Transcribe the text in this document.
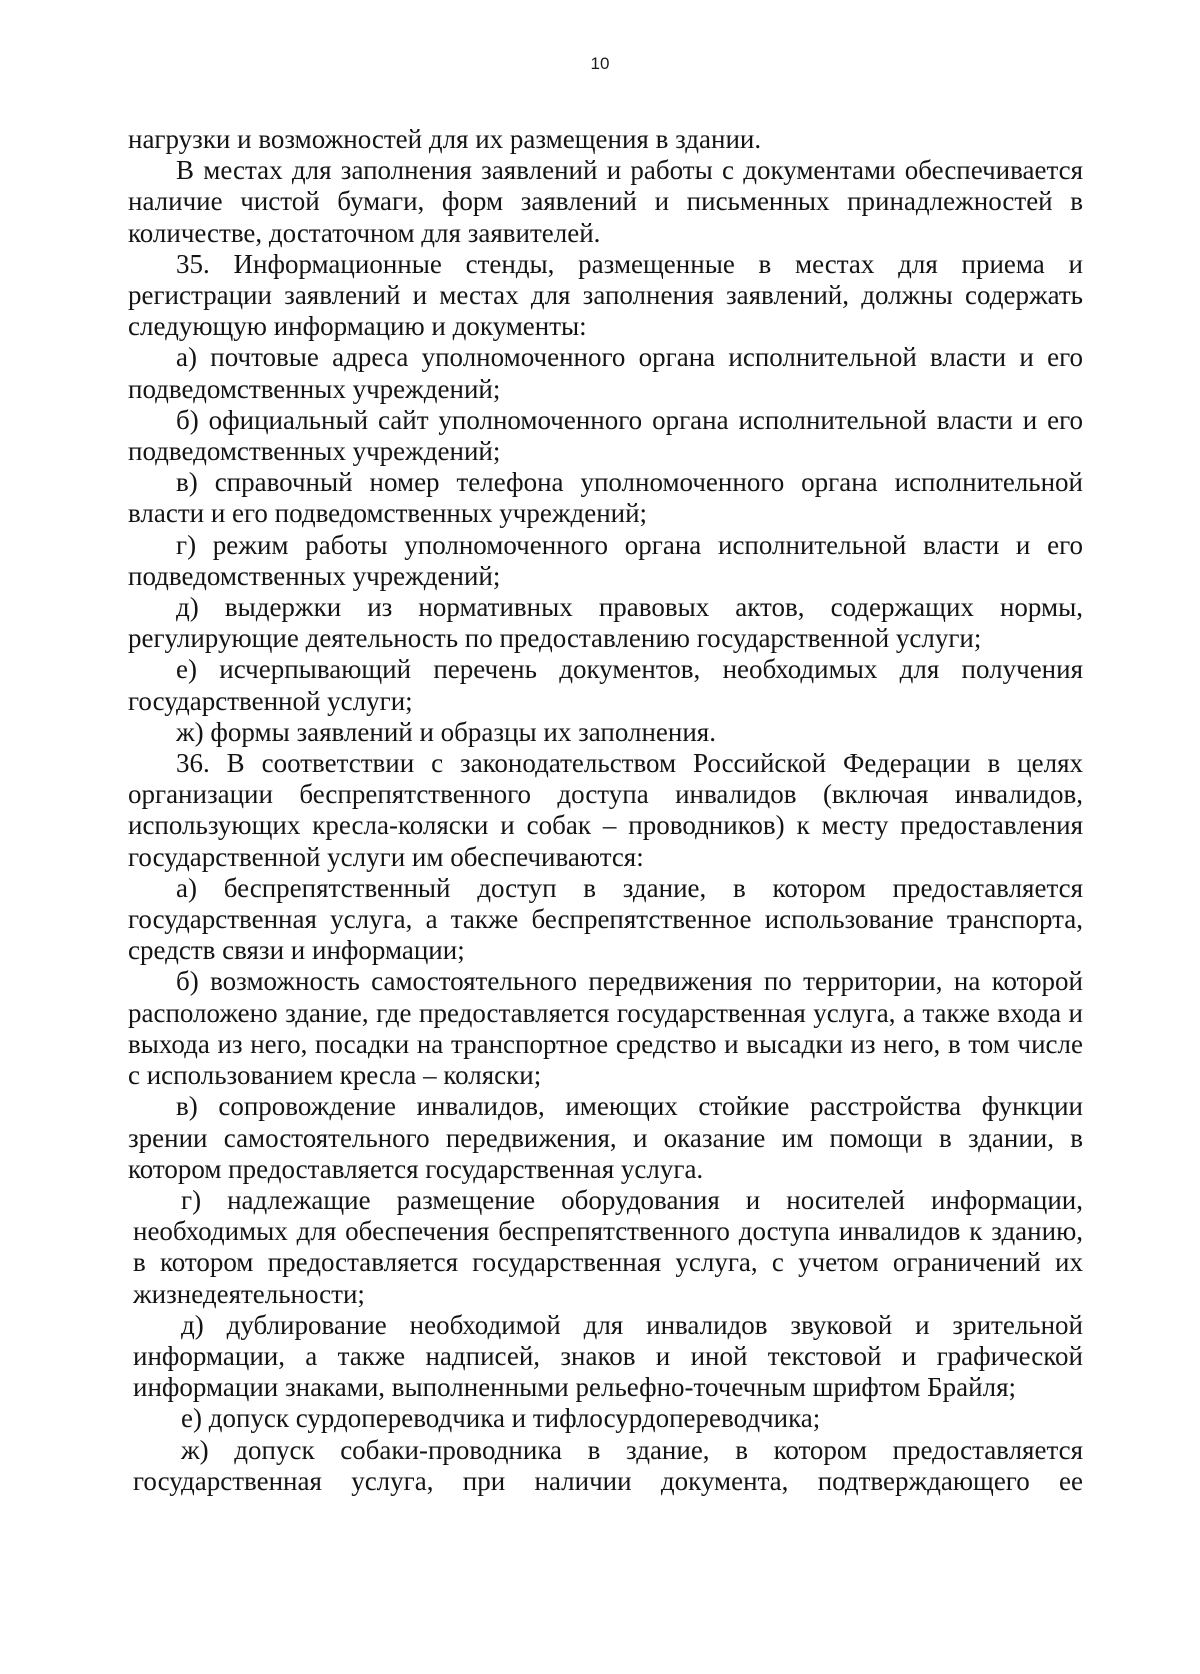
10

нагрузки и возможностей для их размещения в здании.

В местах для заполнения заявлений и работы с документами обеспечивается наличие чистой бумаги, форм заявлений и письменных принадлежностей в количестве, достаточном для заявителей.

35. Информационные стенды, размещенные в местах для приема и регистрации заявлений и местах для заполнения заявлений, должны содержать следующую информацию и документы:

а) почтовые адреса уполномоченного органа исполнительной власти и его подведомственных учреждений;

б) официальный сайт уполномоченного органа исполнительной власти и его подведомственных учреждений;

в) справочный номер телефона уполномоченного органа исполнительной власти и его подведомственных учреждений;

г) режим работы уполномоченного органа исполнительной власти и его подведомственных учреждений;

д) выдержки из нормативных правовых актов, содержащих нормы, регулирующие деятельность по предоставлению государственной услуги;

е) исчерпывающий перечень документов, необходимых для получения государственной услуги;

ж) формы заявлений и образцы их заполнения.

36. В соответствии с законодательством Российской Федерации в целях организации беспрепятственного доступа инвалидов (включая инвалидов, использующих кресла-коляски и собак – проводников) к месту предоставления государственной услуги им обеспечиваются:

а) беспрепятственный доступ в здание, в котором предоставляется государственная услуга, а также беспрепятственное использование транспорта, средств связи и информации;

б) возможность самостоятельного передвижения по территории, на которой расположено здание, где предоставляется государственная услуга, а также входа и выхода из него, посадки на транспортное средство и высадки из него, в том числе с использованием кресла – коляски;

в) сопровождение инвалидов, имеющих стойкие расстройства функции зрении самостоятельного передвижения, и оказание им помощи в здании, в котором предоставляется государственная услуга.

г) надлежащие размещение оборудования и носителей информации, необходимых для обеспечения беспрепятственного доступа инвалидов к зданию, в котором предоставляется государственная услуга, с учетом ограничений их жизнедеятельности;

д) дублирование необходимой для инвалидов звуковой и зрительной информации, а также надписей, знаков и иной текстовой и графической информации знаками, выполненными рельефно-точечным шрифтом Брайля;

е) допуск сурдопереводчика и тифлосурдопереводчика;

ж) допуск собаки-проводника в здание, в котором предоставляется государственная услуга, при наличии документа, подтверждающего ее
